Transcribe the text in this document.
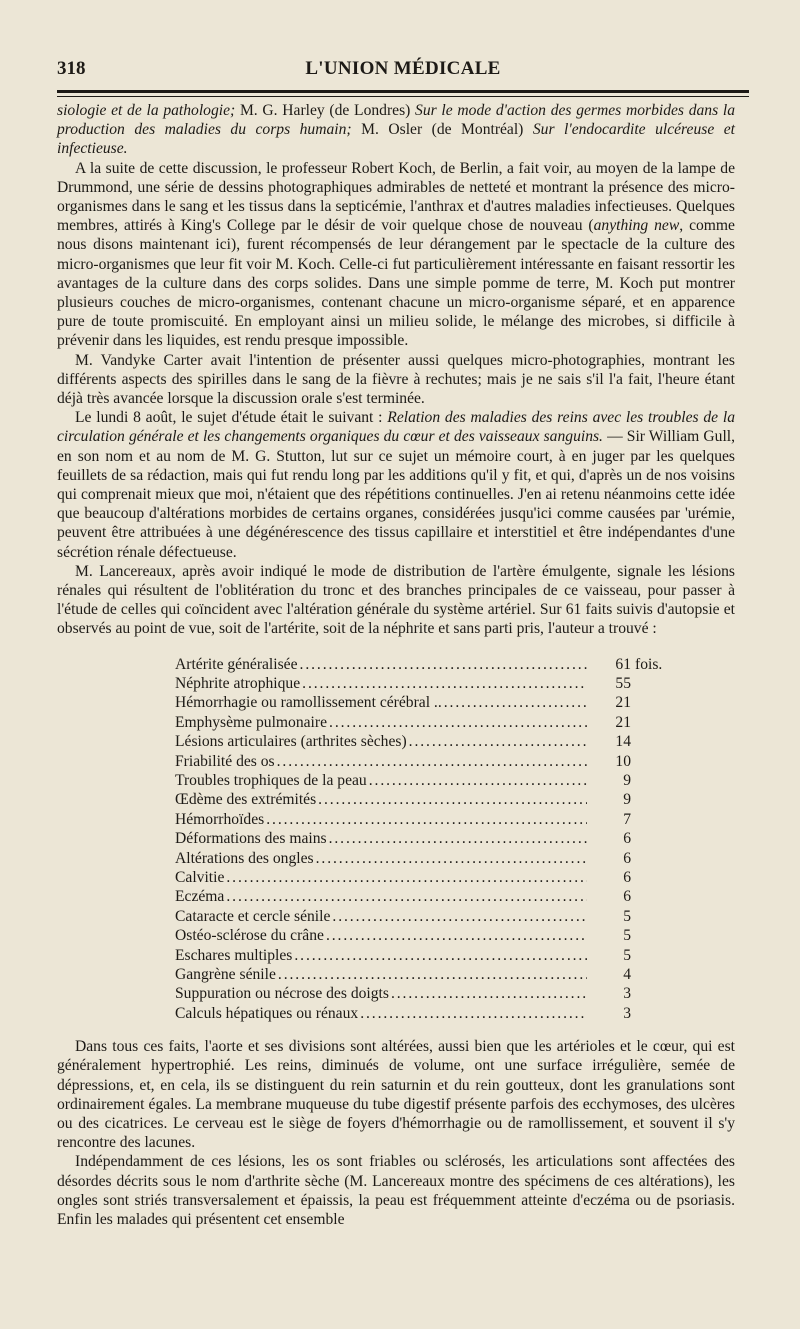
318	L'UNION MÉDICALE

siologie et de la pathologie; M. G. Harley (de Londres) Sur le mode d'action des germes morbides dans la production des maladies du corps humain; M. Osler (de Montréal) Sur l'endocardite ulcéreuse et infectieuse.

A la suite de cette discussion, le professeur Robert Koch, de Berlin, a fait voir, au moyen de la lampe de Drummond, une série de dessins photographiques admirables de netteté et montrant la présence des micro-organismes dans le sang et les tissus dans la septicémie, l'anthrax et d'autres maladies infectieuses. Quelques membres, attirés à King's College par le désir de voir quelque chose de nouveau (anything new, comme nous disons maintenant ici), furent récompensés de leur dérangement par le spectacle de la culture des micro-organismes que leur fit voir M. Koch. Celle-ci fut particulièrement intéressante en faisant ressortir les avantages de la culture dans des corps solides. Dans une simple pomme de terre, M. Koch put montrer plusieurs couches de micro-organismes, contenant chacune un micro-organisme séparé, et en apparence pure de toute promiscuité. En employant ainsi un milieu solide, le mélange des microbes, si difficile à prévenir dans les liquides, est rendu presque impossible.

M. Vandyke Carter avait l'intention de présenter aussi quelques micro-photographies, montrant les différents aspects des spirilles dans le sang de la fièvre à rechutes; mais je ne sais s'il l'a fait, l'heure étant déjà très avancée lorsque la discussion orale s'est terminée.

Le lundi 8 août, le sujet d'étude était le suivant : Relation des maladies des reins avec les troubles de la circulation générale et les changements organiques du cœur et des vaisseaux sanguins. — Sir William Gull, en son nom et au nom de M. G. Stutton, lut sur ce sujet un mémoire court, à en juger par les quelques feuillets de sa rédaction, mais qui fut rendu long par les additions qu'il y fit, et qui, d'après un de nos voisins qui comprenait mieux que moi, n'étaient que des répétitions continuelles. J'en ai retenu néanmoins cette idée que beaucoup d'altérations morbides de certains organes, considérées jusqu'ici comme causées par 'urémie, peuvent être attribuées à une dégénérescence des tissus capillaire et interstitiel et être indépendantes d'une sécrétion rénale défectueuse.

M. Lancereaux, après avoir indiqué le mode de distribution de l'artère émulgente, signale les lésions rénales qui résultent de l'oblitération du tronc et des branches principales de ce vaisseau, pour passer à l'étude de celles qui coïncident avec l'altération générale du système artériel. Sur 61 faits suivis d'autopsie et observés au point de vue, soit de l'artérite, soit de la néphrite et sans parti pris, l'auteur a trouvé :

Artérite généralisée . . .	61 fois.
Néphrite atrophique . . .	55
Hémorrhagie ou ramollissement cérébral .. . . .	21
Emphysème pulmonaire . . .	21
Lésions articulaires (arthrites sèches) . . .	14
Friabilité des os . . .	10
Troubles trophiques de la peau . . .	9
Œdème des extrémités . . .	9
Hémorrhoïdes . . .	7
Déformations des mains . . .	6
Altérations des ongles . . .	6
Calvitie . . .	6
Eczéma . . .	6
Cataracte et cercle sénile . . .	5
Ostéo-sclérose du crâne . . .	5
Eschares multiples . . .	5
Gangrène sénile . . .	4
Suppuration ou nécrose des doigts . . .	3
Calculs hépatiques ou rénaux . . .	3

Dans tous ces faits, l'aorte et ses divisions sont altérées, aussi bien que les artérioles et le cœur, qui est généralement hypertrophié. Les reins, diminués de volume, ont une surface irrégulière, semée de dépressions, et, en cela, ils se distinguent du rein saturnin et du rein goutteux, dont les granulations sont ordinairement égales. La membrane muqueuse du tube digestif présente parfois des ecchymoses, des ulcères ou des cicatrices. Le cerveau est le siège de foyers d'hémorrhagie ou de ramollissement, et souvent il s'y rencontre des lacunes.

Indépendamment de ces lésions, les os sont friables ou sclérosés, les articulations sont affectées des désordes décrits sous le nom d'arthrite sèche (M. Lancereaux montre des spécimens de ces altérations), les ongles sont striés transversalement et épaissis, la peau est fréquemment atteinte d'eczéma ou de psoriasis. Enfin les malades qui présentent cet ensemble
